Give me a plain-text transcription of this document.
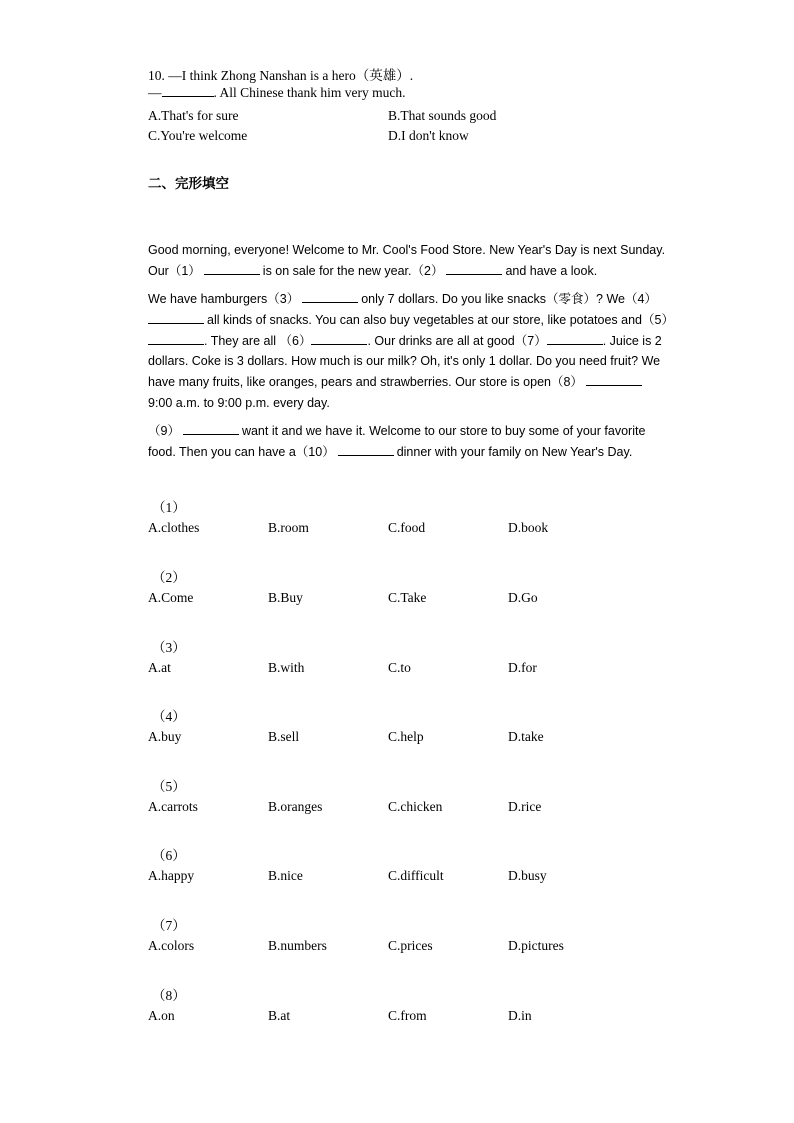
10. —I think Zhong Nanshan is a hero（英雄）.
—	. All Chinese thank him very much.
A.That's for sure	B.That sounds good
C.You're welcome	D.I don't know
二、完形填空
Good morning, everyone! Welcome to Mr. Cool's Food Store. New Year's Day is next Sunday.
Our（1）	is on sale for the new year.（2）	and have a look.
We have hamburgers（3）	only 7 dollars. Do you like snacks（零食）? We（4）
all kinds of snacks. You can also buy vegetables at our store, like potatoes and（5）
. They are all （6）	. Our drinks are all at good（7）	. Juice is 2
dollars. Coke is 3 dollars. How much is our milk? Oh, it's only 1 dollar. Do you need fruit? We
have many fruits, like oranges, pears and strawberries. Our store is open（8）
9:00 a.m. to 9:00 p.m. every day.
（9）	want it and we have it. Welcome to our store to buy some of your favorite
food. Then you can have a（10）	dinner with your family on New Year's Day.
（1）
A.clothes	B.room	C.food	D.book
（2）
A.Come	B.Buy	C.Take	D.Go
（3）
A.at	B.with	C.to	D.for
（4）
A.buy	B.sell	C.help	D.take
（5）
A.carrots	B.oranges	C.chicken	D.rice
（6）
A.happy	B.nice	C.difficult	D.busy
（7）
A.colors	B.numbers	C.prices	D.pictures
（8）
A.on	B.at	C.from	D.in
